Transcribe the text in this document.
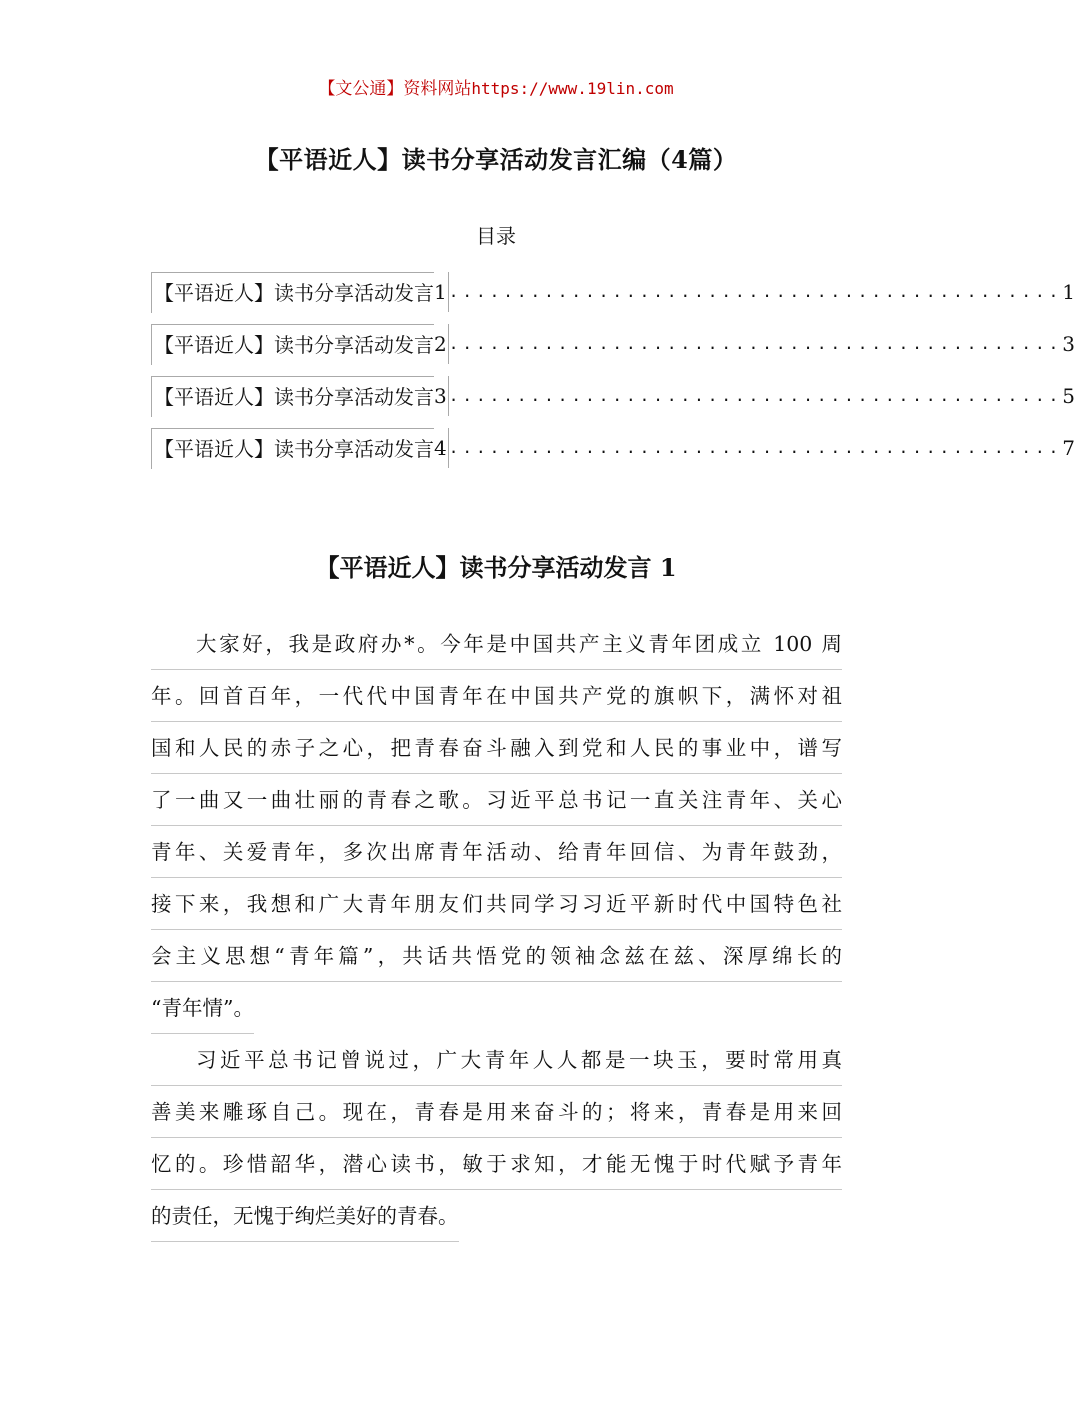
【文公通】资料网站https://www.19lin.com
【平语近人】读书分享活动发言汇编（4篇）
目录
【平语近人】读书分享活动发言 1 ............................................. 1
【平语近人】读书分享活动发言 2 ............................................. 3
【平语近人】读书分享活动发言 3 ............................................. 5
【平语近人】读书分享活动发言 4 ............................................. 7
【平语近人】读书分享活动发言 1
大家好，我是政府办*。今年是中国共产主义青年团成立 100 周
年。回首百年，一代代中国青年在中国共产党的旗帜下，满怀对祖
国和人民的赤子之心，把青春奋斗融入到党和人民的事业中，谱写
了一曲又一曲壮丽的青春之歌。习近平总书记一直关注青年、关心
青年、关爱青年，多次出席青年活动、给青年回信、为青年鼓劲，
接下来，我想和广大青年朋友们共同学习习近平新时代中国特色社
会主义思想“青年篇”，共话共悟党的领袖念兹在兹、深厚绵长的
“青年情”。
习近平总书记曾说过，广大青年人人都是一块玉，要时常用真
善美来雕琢自己。现在，青春是用来奋斗的；将来，青春是用来回
忆的。珍惜韶华，潜心读书，敏于求知，才能无愧于时代赋予青年
的责任，无愧于绚烂美好的青春。
